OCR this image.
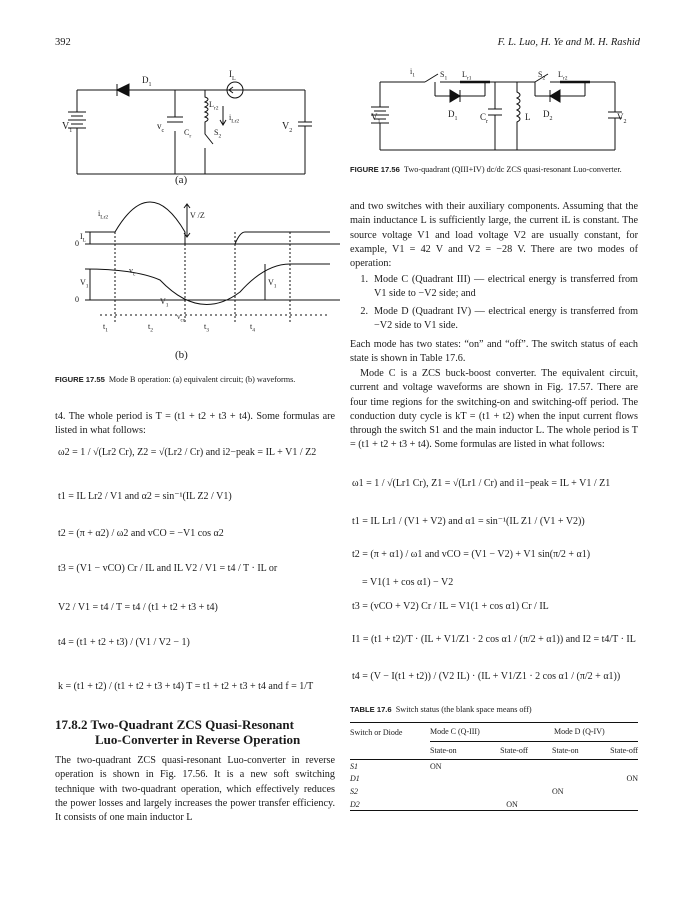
392	F. L. Luo, H. Ye and M. H. Rashid
$D_1$
$I_L$
$L_{r2}$
$i_{Lr2}$
$C_r$	$S_2$
$V_1$	$v_c$	$V_2$
(a)
$i_{Lr2}$	V /Z
$I_L$
0
0
$v_c$
$V_1$	$V_1$
$V_1$
$v_{co}$
$t_1$	$t_2$	$t_3$	$t_4$
(b)
FIGURE 17.55 Mode B operation: (a) equivalent circuit; (b) waveforms.
t4. The whole period is T = (t1 + t2 + t3 + t4). Some formulas are listed in what follows:
ω2 = 1 / √(Lr2 Cr), Z2 = √(Lr2 / Cr) and i2−peak = IL + V1 / Z2
t1 = IL Lr2 / V1 and α2 = sin⁻¹(IL Z2 / V1)
t2 = (π + α2) / ω2 and vCO = −V1 cos α2
t3 = (V1 − vCO) Cr / IL and IL V2 / V1 = t4 / T · IL or
V2 / V1 = t4 / T = t4 / (t1 + t2 + t3 + t4)
t4 = (t1 + t2 + t3) / (V1 / V2 − 1)
k = (t1 + t2) / (t1 + t2 + t3 + t4) T = t1 + t2 + t3 + t4 and f = 1/T
17.8.2 Two-Quadrant ZCS Quasi-Resonant
Luo-Converter in Reverse Operation
The two-quadrant ZCS quasi-resonant Luo-converter in reverse operation is shown in Fig. 17.56. It is a new soft switching technique with two-quadrant operation, which effectively reduces the power losses and largely increases the power transfer efficiency. It consists of one main inductor L
$i_1$	$S_1$ $L_{r1}$	$S_2$ $L_{r2}$
$V_1$
$D_1$	$C_r$	L $D_2$	$V_2$
FIGURE 17.56 Two-quadrant (QIII+IV) dc/dc ZCS quasi-resonant Luo-converter.
and two switches with their auxiliary components. Assuming that the main inductance L is sufficiently large, the current iL is constant. The source voltage V1 and load voltage V2 are usually constant, for example, V1 = 42 V and V2 = −28 V. There are two modes of operation:
1. Mode C (Quadrant III) — electrical energy is transferred from V1 side to −V2 side; and
2. Mode D (Quadrant IV) — electrical energy is transferred from −V2 side to V1 side.
Each mode has two states: “on” and “off”. The switch status of each state is shown in Table 17.6.
Mode C is a ZCS buck-boost converter. The equivalent circuit, current and voltage waveforms are shown in Fig. 17.57. There are four time regions for the switching-on and switching-off period. The conduction duty cycle is kT = (t1 + t2) when the input current flows through the switch S1 and the main inductor L. The whole period is T = (t1 + t2 + t3 + t4). Some formulas are listed in what follows:
ω1 = 1 / √(Lr1 Cr), Z1 = √(Lr1 / Cr) and i1−peak = IL + V1 / Z1
t1 = IL Lr1 / (V1 + V2) and α1 = sin⁻¹(IL Z1 / (V1 + V2))
t2 = (π + α1) / ω1 and vCO = (V1 − V2) + V1 sin(π/2 + α1)
= V1(1 + cos α1) − V2
t3 = (vCO + V2) Cr / IL = V1(1 + cos α1) Cr / IL
I1 = (t1 + t2)/T · (IL + V1/Z1 · 2 cos α1 / (π/2 + α1)) and I2 = t4/T · IL
t4 = (V − I(t1 + t2)) / (V2 IL) · (IL + V1/Z1 · 2 cos α1 / (π/2 + α1))
TABLE 17.6 Switch status (the blank space means off)
Switch or Diode	Mode C (Q-III)		Mode D (Q-IV)	
	State-on	State-off	State-on	State-off
S1	ON			
D1				ON
S2			ON	
D2		ON		
